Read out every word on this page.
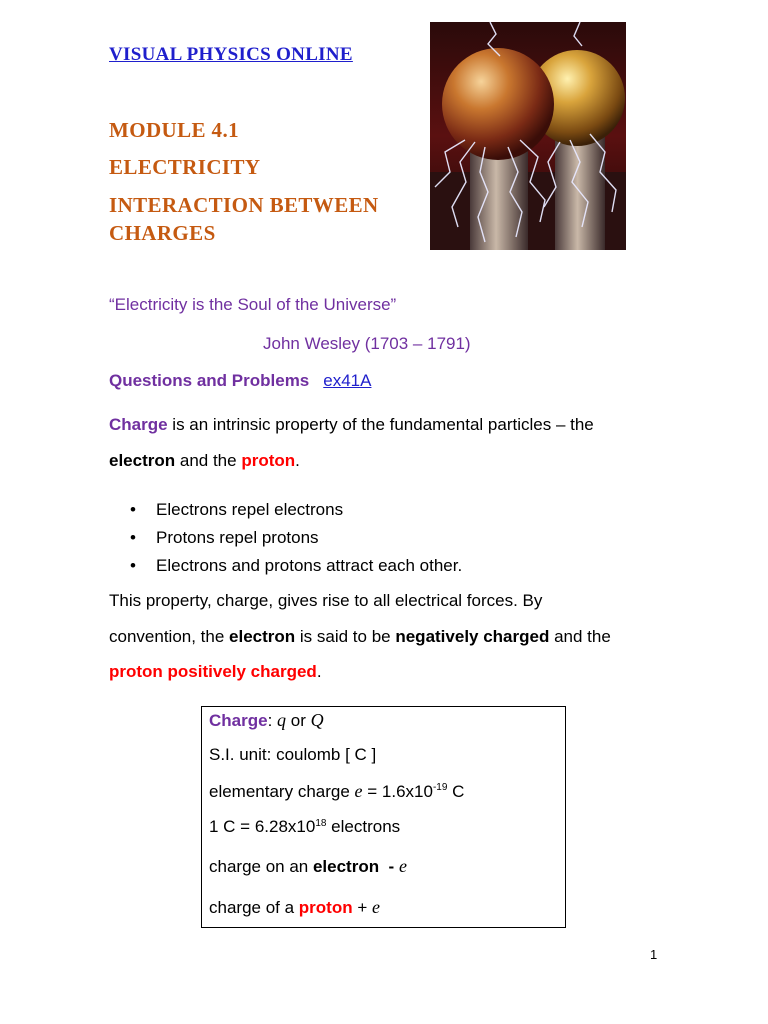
VISUAL PHYSICS ONLINE
MODULE 4.1
ELECTRICITY
INTERACTION BETWEEN
CHARGES
“Electricity is the Soul of the Universe”
John Wesley (1703 – 1791)
Questions and Problems ex41A
Charge is an intrinsic property of the fundamental particles – the
electron and the proton.
• Electrons repel electrons
• Protons repel protons
• Electrons and protons attract each other.
This property, charge, gives rise to all electrical forces. By
convention, the electron is said to be negatively charged and the
proton positively charged.
Charge: q or Q
S.I. unit: coulomb [ C ]
elementary charge $e = 1.6x10^{-19}$ C
1 $C = 6.28x10^{18}$ electrons
charge on an electron  - e
charge of a proton + e
1
